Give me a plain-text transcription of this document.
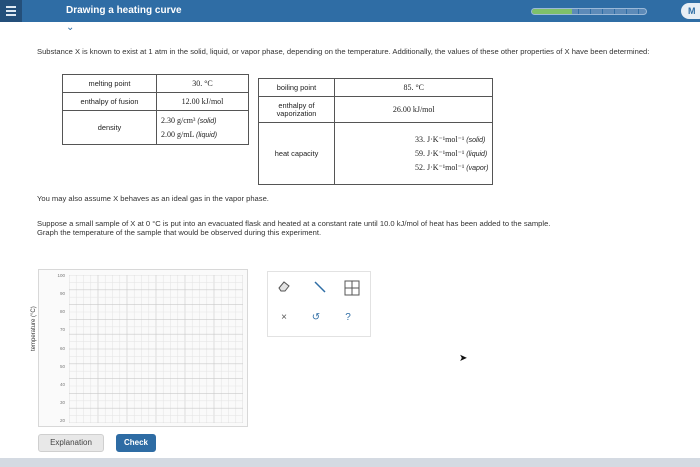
Drawing a heating curve	M
⌄
Substance X is known to exist at 1 atm in the solid, liquid, or vapor phase, depending on the temperature. Additionally, the values of these other properties of X have been determined:
melting point	30. °C
enthalpy of fusion	12.00 kJ/mol
density	2.30 g/cm³ (solid)
2.00 g/mL (liquid)
boiling point	85. °C
enthalpy of vaporization	26.00 kJ/mol
heat capacity	33. J·K⁻¹mol⁻¹ (solid)
59. J·K⁻¹mol⁻¹ (liquid)
52. J·K⁻¹mol⁻¹ (vapor)
You may also assume X behaves as an ideal gas in the vapor phase.
Suppose a small sample of X at 0 °C is put into an evacuated flask and heated at a constant rate until 10.0 kJ/mol of heat has been added to the sample.
Graph the temperature of the sample that would be observed during this experiment.
100
90
80
70
60
50
40
30
20
temperature (°C)	×	↺	?
➤
Explanation	Check
